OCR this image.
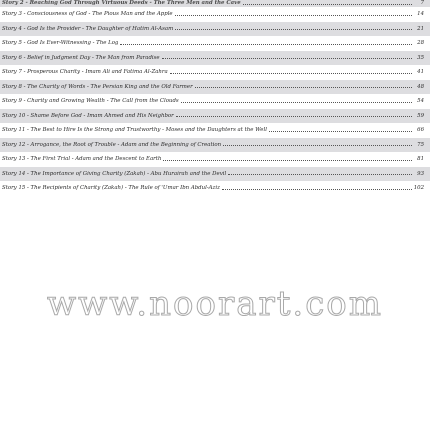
Story 2 - Reaching God Through Virtuous Deeds - The Three Men and the Cave	7
Story 3 - Consciousness of God - The Pious Man and the Apple	14
Story 4 - God Is the Provider - The Daughter of Hatim Al-Asam	21
Story 5 - God Is Ever-Witnessing - The Log	28
Story 6 - Belief in Judgment Day - The Man from Paradise	35
Story 7 - Prosperous Charity - Imam Ali and Fatima Al-Zahra	41
Story 8 - The Charity of Words - The Persian King and the Old Farmer	48
Story 9 - Charity and Growing Wealth - The Call from the Clouds	54
Story 10 - Shame Before God - Imam Ahmed and His Neighbor	59
Story 11 - The Best to Hire Is the Strong and Trustworthy - Moses and the Daughters at the Well	66
Story 12 - Arrogance, the Root of Trouble - Adam and the Beginning of Creation	75
Story 13 - The First Trial - Adam and the Descent to Earth	81
Story 14 - The Importance of Giving Charity (Zakah) - Abu Hurairah and the Devil	93
Story 15 - The Recipients of Charity (Zakah) - The Rule of 'Umar Ibn Abdul-Aziz	102
www.noorart.com
